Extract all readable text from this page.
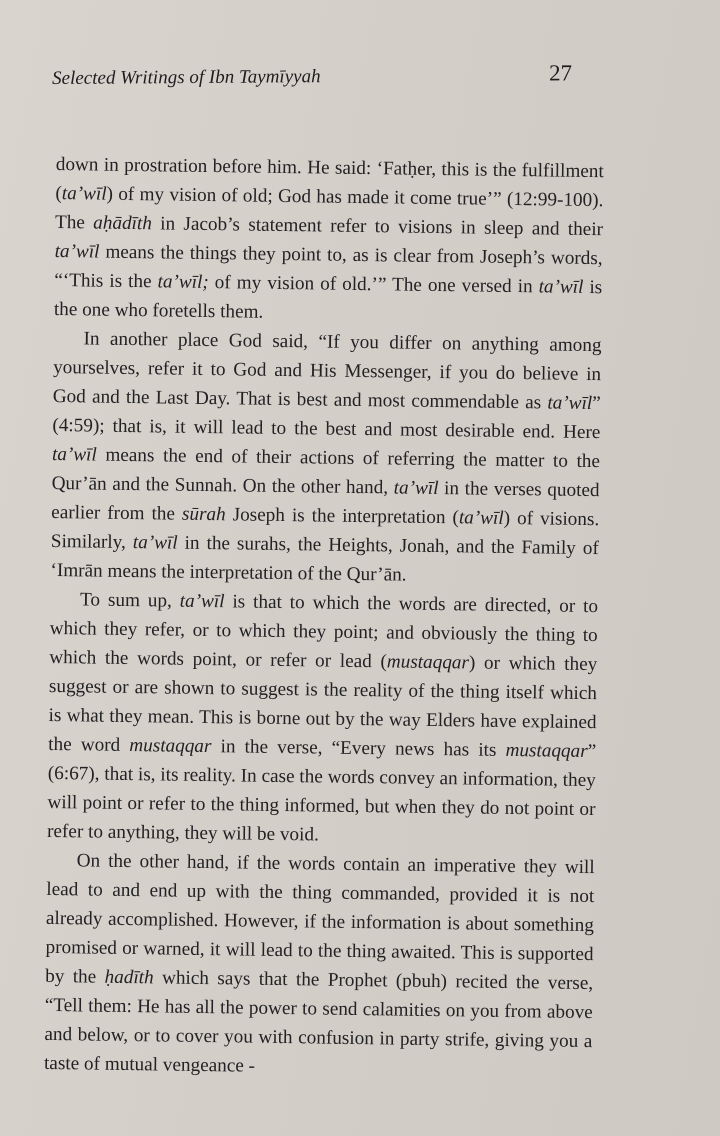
Selected Writings of Ibn Taymīyyah	27

down in prostration before him. He said: ‘Fatḥer, this is the fulfillment (ta’wīl) of my vision of old; God has made it come true’” (12:99-100). The aḥādīth in Jacob’s statement refer to visions in sleep and their ta’wīl means the things they point to, as is clear from Joseph’s words, “‘This is the ta’wīl; of my vision of old.’” The one versed in ta’wīl is the one who foretells them.

In another place God said, “If you differ on anything among yourselves, refer it to God and His Messenger, if you do believe in God and the Last Day. That is best and most commendable as ta’wīl” (4:59); that is, it will lead to the best and most desirable end. Here ta’wīl means the end of their actions of referring the matter to the Qur’ān and the Sunnah. On the other hand, ta’wīl in the verses quoted earlier from the sūrah Joseph is the interpretation (ta’wīl) of visions. Similarly, ta’wīl in the surahs, the Heights, Jonah, and the Family of ‘Imrān means the interpretation of the Qur’ān.

To sum up, ta’wīl is that to which the words are directed, or to which they refer, or to which they point; and obviously the thing to which the words point, or refer or lead (mustaqqar) or which they suggest or are shown to suggest is the reality of the thing itself which is what they mean. This is borne out by the way Elders have explained the word mustaqqar in the verse, “Every news has its mustaqqar” (6:67), that is, its reality. In case the words convey an information, they will point or refer to the thing informed, but when they do not point or refer to anything, they will be void.

On the other hand, if the words contain an imperative they will lead to and end up with the thing commanded, provided it is not already accomplished. However, if the information is about something promised or warned, it will lead to the thing awaited. This is supported by the ḥadīth which says that the Prophet (pbuh) recited the verse, “Tell them: He has all the power to send calamities on you from above and below, or to cover you with confusion in party strife, giving you a taste of mutual vengeance -
